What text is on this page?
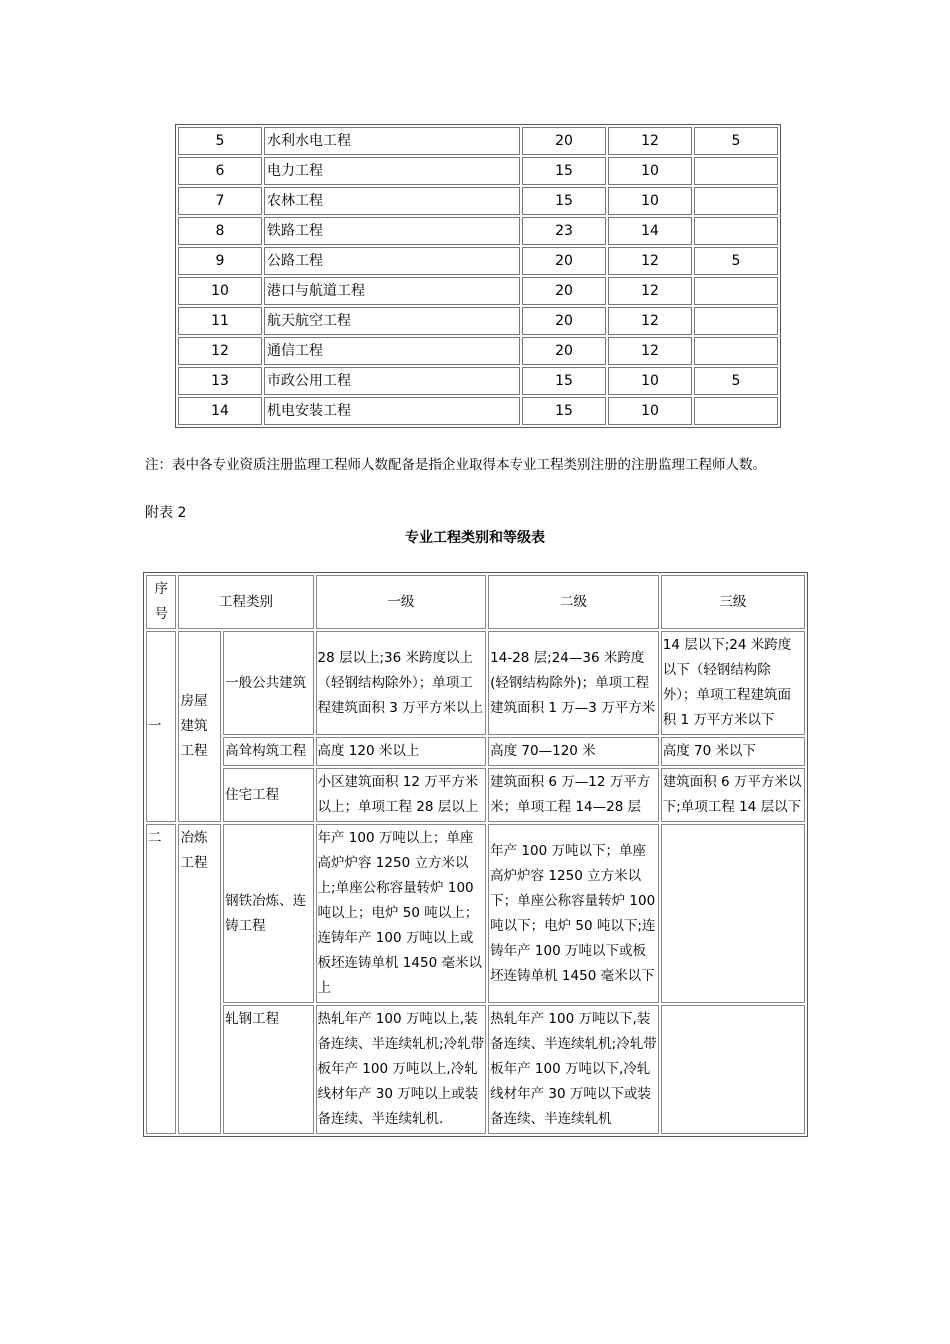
5	水利水电工程	20	12	5
6	电力工程	15	10	
7	农林工程	15	10	
8	铁路工程	23	14	
9	公路工程	20	12	5
10	港口与航道工程	20	12	
11	航天航空工程	20	12	
12	通信工程	20	12	
13	市政公用工程	15	10	5
14	机电安装工程	15	10	
注：表中各专业资质注册监理工程师人数配备是指企业取得本专业工程类别注册的注册监理工程师人数。
附表 2
专业工程类别和等级表
序号	工程类别		一级	二级	三级
一	房屋建筑工程	一般公共建筑	28 层以上;36 米跨度以上（轻钢结构除外）；单项工程建筑面积 3 万平方米以上	14-28 层;24—36 米跨度(轻钢结构除外)；单项工程建筑面积 1 万—3 万平方米	14 层以下;24 米跨度以下（轻钢结构除外）；单项工程建筑面积 1 万平方米以下
		高耸构筑工程	高度 120 米以上	高度 70—120 米	高度 70 米以下
		住宅工程	小区建筑面积 12 万平方米以上；单项工程 28 层以上	建筑面积 6 万—12 万平方米；单项工程 14—28 层	建筑面积 6 万平方米以下;单项工程 14 层以下
二	冶炼工程	钢铁冶炼、连铸工程	年产 100 万吨以上；单座高炉炉容 1250 立方米以上;单座公称容量转炉 100 吨以上；电炉 50 吨以上；连铸年产 100 万吨以上或板坯连铸单机 1450 毫米以上	年产 100 万吨以下；单座高炉炉容 1250 立方米以下；单座公称容量转炉 100 吨以下；电炉 50 吨以下;连铸年产 100 万吨以下或板坯连铸单机 1450 毫米以下	
		轧钢工程	热轧年产 100 万吨以上,装备连续、半连续轧机;冷轧带板年产 100 万吨以上,冷轧线材年产 30 万吨以上或装备连续、半连续轧机.	热轧年产 100 万吨以下,装备连续、半连续轧机;冷轧带板年产 100 万吨以下,冷轧线材年产 30 万吨以下或装备连续、半连续轧机	
